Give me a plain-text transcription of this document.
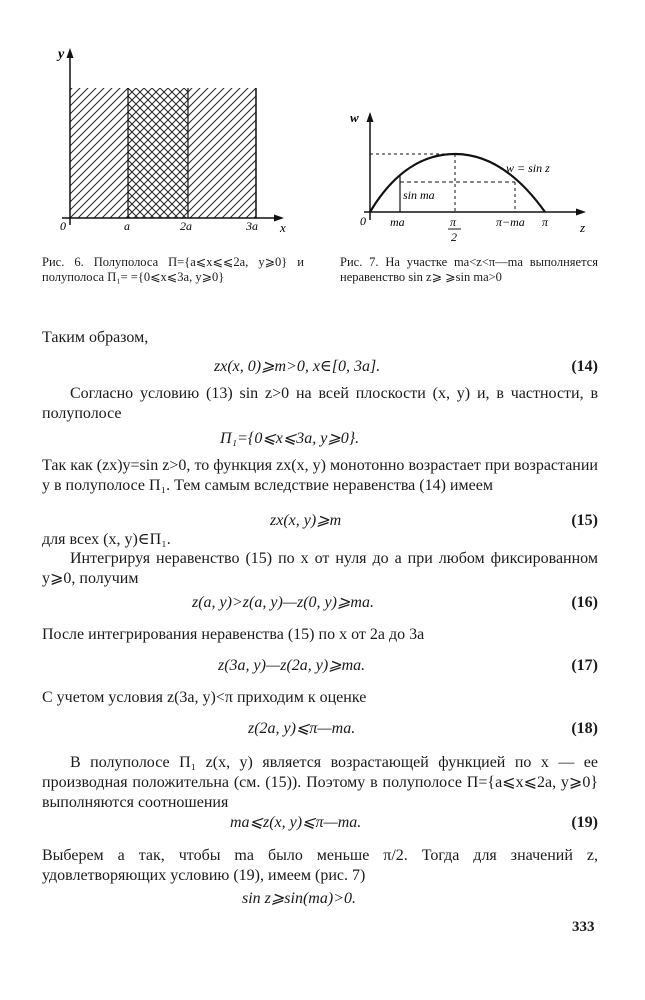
y
x
0	a	2a	3a
Рис. 6. Полуполоса П={a⩽x⩽⩽2a, y⩾0} и полуполоса П₁= ={0⩽x⩽3a, y⩾0}
w
z
0 ma	π
2
π−ma π
w = sin z
sin ma
Рис. 7. На участке ma<z<π—ma выполняется неравенство sin z⩾ ⩾sin ma>0
Таким образом,
zx(x, 0)⩾m>0, x∈[0, 3a].	(14)
Согласно условию (13) sin z>0 на всей плоскости (x, y) и, в частности, в полуполосе
П₁={0⩽x⩽3a, y⩾0}.
Так как (zx)y=sin z>0, то функция zx(x, y) монотонно возрастает при возрастании y в полуполосе П₁. Тем самым вследствие неравенства (14) имеем
zx(x, y)⩾m	(15)
для всех (x, y)∈П₁.
Интегрируя неравенство (15) по x от нуля до a при любом фиксированном y⩾0, получим
z(a, y)>z(a, y)—z(0, y)⩾ma.	(16)
После интегрирования неравенства (15) по x от 2a до 3a
z(3a, y)—z(2a, y)⩾ma.	(17)
С учетом условия z(3a, y)<π приходим к оценке
z(2a, y)⩽π—ma.	(18)
В полуполосе П₁ z(x, y) является возрастающей функцией по x — ее производная положительна (см. (15)). Поэтому в полуполосе П={a⩽x⩽2a, y⩾0} выполняются соотношения
ma⩽z(x, y)⩽π—ma.	(19)
Выберем a так, чтобы ma было меньше π/2. Тогда для значений z, удовлетворяющих условию (19), имеем (рис. 7)
sin z⩾sin(ma)>0.
333
